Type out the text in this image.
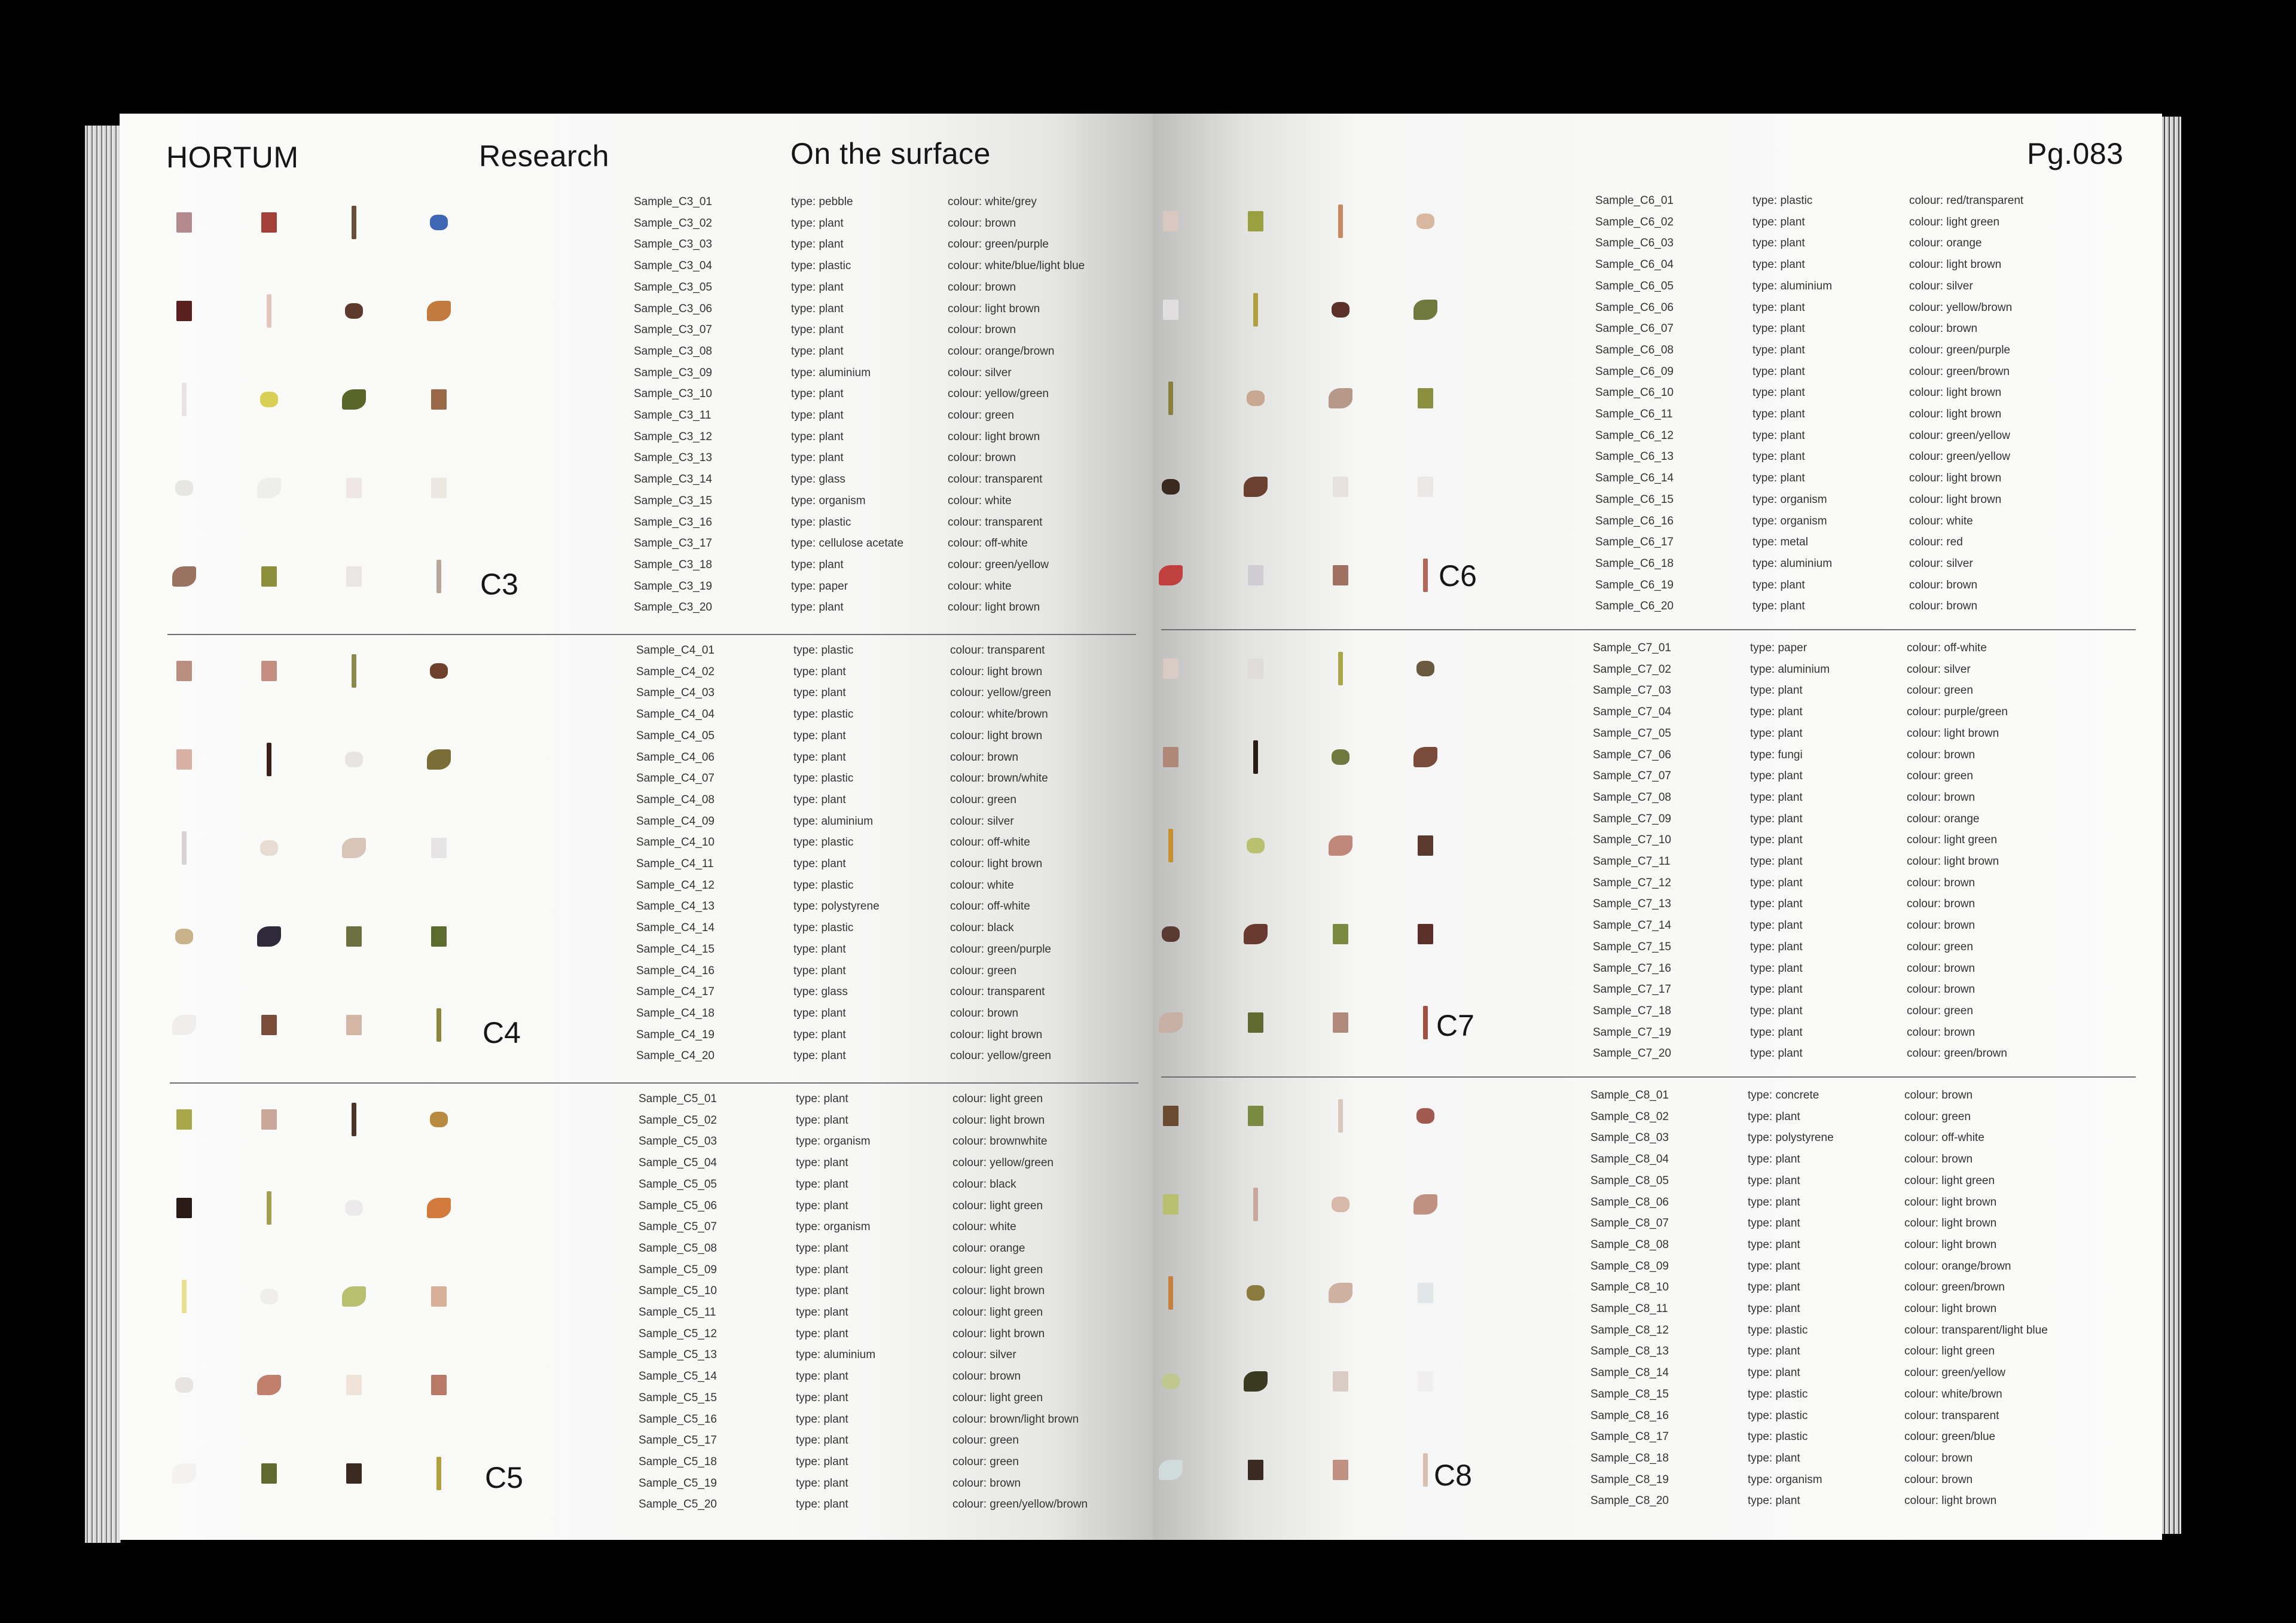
HORTUM	Research	On the surface
C3
Sample_C3_01	type: pebble	colour: white/grey
Sample_C3_02	type: plant	colour: brown
Sample_C3_03	type: plant	colour: green/purple
Sample_C3_04	type: plastic	colour: white/blue/light blue
Sample_C3_05	type: plant	colour: brown
Sample_C3_06	type: plant	colour: light brown
Sample_C3_07	type: plant	colour: brown
Sample_C3_08	type: plant	colour: orange/brown
Sample_C3_09	type: aluminium	colour: silver
Sample_C3_10	type: plant	colour: yellow/green
Sample_C3_11	type: plant	colour: green
Sample_C3_12	type: plant	colour: light brown
Sample_C3_13	type: plant	colour: brown
Sample_C3_14	type: glass	colour: transparent
Sample_C3_15	type: organism	colour: white
Sample_C3_16	type: plastic	colour: transparent
Sample_C3_17	type: cellulose acetate	colour: off-white
Sample_C3_18	type: plant	colour: green/yellow
Sample_C3_19	type: paper	colour: white
Sample_C3_20	type: plant	colour: light brown
C4
Sample_C4_01	type: plastic	colour: transparent
Sample_C4_02	type: plant	colour: light brown
Sample_C4_03	type: plant	colour: yellow/green
Sample_C4_04	type: plastic	colour: white/brown
Sample_C4_05	type: plant	colour: light brown
Sample_C4_06	type: plant	colour: brown
Sample_C4_07	type: plastic	colour: brown/white
Sample_C4_08	type: plant	colour: green
Sample_C4_09	type: aluminium	colour: silver
Sample_C4_10	type: plastic	colour: off-white
Sample_C4_11	type: plant	colour: light brown
Sample_C4_12	type: plastic	colour: white
Sample_C4_13	type: polystyrene	colour: off-white
Sample_C4_14	type: plastic	colour: black
Sample_C4_15	type: plant	colour: green/purple
Sample_C4_16	type: plant	colour: green
Sample_C4_17	type: glass	colour: transparent
Sample_C4_18	type: plant	colour: brown
Sample_C4_19	type: plant	colour: light brown
Sample_C4_20	type: plant	colour: yellow/green
C5
Sample_C5_01	type: plant	colour: light green
Sample_C5_02	type: plant	colour: light brown
Sample_C5_03	type: organism	colour: brownwhite
Sample_C5_04	type: plant	colour: yellow/green
Sample_C5_05	type: plant	colour: black
Sample_C5_06	type: plant	colour: light green
Sample_C5_07	type: organism	colour: white
Sample_C5_08	type: plant	colour: orange
Sample_C5_09	type: plant	colour: light green
Sample_C5_10	type: plant	colour: light brown
Sample_C5_11	type: plant	colour: light green
Sample_C5_12	type: plant	colour: light brown
Sample_C5_13	type: aluminium	colour: silver
Sample_C5_14	type: plant	colour: brown
Sample_C5_15	type: plant	colour: light green
Sample_C5_16	type: plant	colour: brown/light brown
Sample_C5_17	type: plant	colour: green
Sample_C5_18	type: plant	colour: green
Sample_C5_19	type: plant	colour: brown
Sample_C5_20	type: plant	colour: green/yellow/brown
Pg.083
C6
Sample_C6_01	type: plastic	colour: red/transparent
Sample_C6_02	type: plant	colour: light green
Sample_C6_03	type: plant	colour: orange
Sample_C6_04	type: plant	colour: light brown
Sample_C6_05	type: aluminium	colour: silver
Sample_C6_06	type: plant	colour: yellow/brown
Sample_C6_07	type: plant	colour: brown
Sample_C6_08	type: plant	colour: green/purple
Sample_C6_09	type: plant	colour: green/brown
Sample_C6_10	type: plant	colour: light brown
Sample_C6_11	type: plant	colour: light brown
Sample_C6_12	type: plant	colour: green/yellow
Sample_C6_13	type: plant	colour: green/yellow
Sample_C6_14	type: plant	colour: light brown
Sample_C6_15	type: organism	colour: light brown
Sample_C6_16	type: organism	colour: white
Sample_C6_17	type: metal	colour: red
Sample_C6_18	type: aluminium	colour: silver
Sample_C6_19	type: plant	colour: brown
Sample_C6_20	type: plant	colour: brown
C7
Sample_C7_01	type: paper	colour: off-white
Sample_C7_02	type: aluminium	colour: silver
Sample_C7_03	type: plant	colour: green
Sample_C7_04	type: plant	colour: purple/green
Sample_C7_05	type: plant	colour: light brown
Sample_C7_06	type: fungi	colour: brown
Sample_C7_07	type: plant	colour: green
Sample_C7_08	type: plant	colour: brown
Sample_C7_09	type: plant	colour: orange
Sample_C7_10	type: plant	colour: light green
Sample_C7_11	type: plant	colour: light brown
Sample_C7_12	type: plant	colour: brown
Sample_C7_13	type: plant	colour: brown
Sample_C7_14	type: plant	colour: brown
Sample_C7_15	type: plant	colour: green
Sample_C7_16	type: plant	colour: brown
Sample_C7_17	type: plant	colour: brown
Sample_C7_18	type: plant	colour: green
Sample_C7_19	type: plant	colour: brown
Sample_C7_20	type: plant	colour: green/brown
C8
Sample_C8_01	type: concrete	colour: brown
Sample_C8_02	type: plant	colour: green
Sample_C8_03	type: polystyrene	colour: off-white
Sample_C8_04	type: plant	colour: brown
Sample_C8_05	type: plant	colour: light green
Sample_C8_06	type: plant	colour: light brown
Sample_C8_07	type: plant	colour: light brown
Sample_C8_08	type: plant	colour: light brown
Sample_C8_09	type: plant	colour: orange/brown
Sample_C8_10	type: plant	colour: green/brown
Sample_C8_11	type: plant	colour: light brown
Sample_C8_12	type: plastic	colour: transparent/light blue
Sample_C8_13	type: plant	colour: light green
Sample_C8_14	type: plant	colour: green/yellow
Sample_C8_15	type: plastic	colour: white/brown
Sample_C8_16	type: plastic	colour: transparent
Sample_C8_17	type: plastic	colour: green/blue
Sample_C8_18	type: plant	colour: brown
Sample_C8_19	type: organism	colour: brown
Sample_C8_20	type: plant	colour: light brown
